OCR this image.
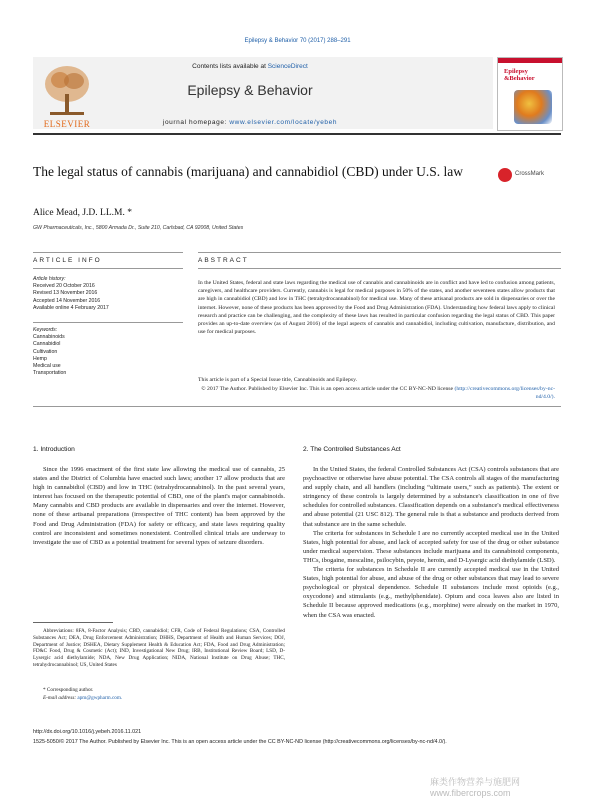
Epilepsy & Behavior 70 (2017) 288–291
ELSEVIER
Contents lists available at ScienceDirect
Epilepsy & Behavior
journal homepage: www.elsevier.com/locate/yebeh
Epilepsy
&Behavior
The legal status of cannabis (marijuana) and cannabidiol (CBD) under U.S. law	CrossMark
Alice Mead, J.D. LL.M. *
GW Pharmaceuticals, Inc., 5800 Armada Dr., Suite 210, Carlsbad, CA 92008, United States
ARTICLE INFO
Article history:
Received 20 October 2016
Revised 13 November 2016
Accepted 14 November 2016
Available online 4 February 2017
Keywords:
Cannabinoids
Cannabidiol
Cultivation
Hemp
Medical use
Transportation
ABSTRACT
In the United States, federal and state laws regarding the medical use of cannabis and cannabinoids are in conflict and have led to confusion among patients, caregivers, and healthcare providers. Currently, cannabis is legal for medical purposes in 50% of the states, and another seventeen states allow products that are high in cannabidiol (CBD) and low in THC (tetrahydrocannabinol) for medical use. Many of these artisanal products are sold in dispensaries or over the internet. However, none of these products has been approved by the Food and Drug Administration (FDA). Understanding how federal laws apply to clinical research and practice can be challenging, and the complexity of these laws has resulted in particular confusion regarding the legal status of CBD. This paper provides an up-to-date overview (as of August 2016) of the legal aspects of cannabis and cannabidiol, including cultivation, manufacture, distribution, and use for medical purposes.
This article is part of a Special Issue title, Cannabinoids and Epilepsy.
© 2017 The Author. Published by Elsevier Inc. This is an open access article under the CC BY-NC-ND license (http://creativecommons.org/licenses/by-nc-nd/4.0/).
1. Introduction

Since the 1996 enactment of the first state law allowing the medical use of cannabis, 25 states and the District of Columbia have enacted such laws; another 17 allow products that are high in cannabidiol (CBD) and low in THC (tetrahydrocannabinol). In the past several years, interest has focused on the therapeutic potential of CBD, one of the plant's major cannabinoids. Many cannabis and CBD products are available in dispensaries and over the internet. However, none of these artisanal preparations (irrespective of THC content) has been approved by the Food and Drug Administration (FDA) for safety or efficacy, and state laws requiring quality control are inconsistent and sometimes nonexistent. Controlled clinical trials are underway to investigate the use of CBD as a potential treatment for several types of seizure disorders.

Abbreviations: 8FA, 8-Factor Analysis; CBD, cannabidiol; CFR, Code of Federal Regulations; CSA, Controlled Substances Act; DEA, Drug Enforcement Administration; DHHS, Department of Health and Human Services; DOJ, Department of Justice; DSHEA, Dietary Supplement Health & Education Act; FDA, Food and Drug Administration; FD&C Food, Drug & Cosmetic (Act); IND, Investigational New Drug; IRB, Institutional Review Board; LSD, D-Lysergic acid diethylamide; NDA, New Drug Application; NIDA, National Institute on Drug Abuse; THC, tetrahydrocannabinol; US, United States
* Corresponding author.
E-mail address: apm@gwpharm.com.
2. The Controlled Substances Act

In the United States, the federal Controlled Substances Act (CSA) controls substances that are psychoactive or otherwise have abuse potential. The CSA controls all stages of the manufacturing and supply chain, and all handlers (including “ultimate users,” such as patients). The extent or stringency of these controls is largely determined by a substance's classification in one of five schedules for controlled substances. Classification depends on a substance's medical effectiveness and abuse potential (21 USC 812). The general rule is that a substance and products derived from that substance are in the same schedule.

The criteria for substances in Schedule I are no currently accepted medical use in the United States, high potential for abuse, and lack of accepted safety for use of the drug or other substance under medical supervision. These substances include marijuana and its cannabinoid components, THCs, ibogaine, mescaline, psilocybin, peyote, heroin, and D-Lysergic acid diethylamide (LSD).

The criteria for substances in Schedule II are currently accepted medical use in the United States, high potential for abuse, and abuse of the drug or other substances that may lead to severe psychological or physical dependence. Schedule II substances include most opioids (e.g., oxycodone) and stimulants (e.g., methylphenidate). Opium and coca leaves also are listed in Schedule II because approved medications (e.g., morphine) were already on the market in 1970, when the CSA was enacted.

http://dx.doi.org/10.1016/j.yebeh.2016.11.021
1525-5050/© 2017 The Author. Published by Elsevier Inc. This is an open access article under the CC BY-NC-ND license (http://creativecommons.org/licenses/by-nc-nd/4.0/).
麻类作物营养与施肥网 www.fibercrops.com
